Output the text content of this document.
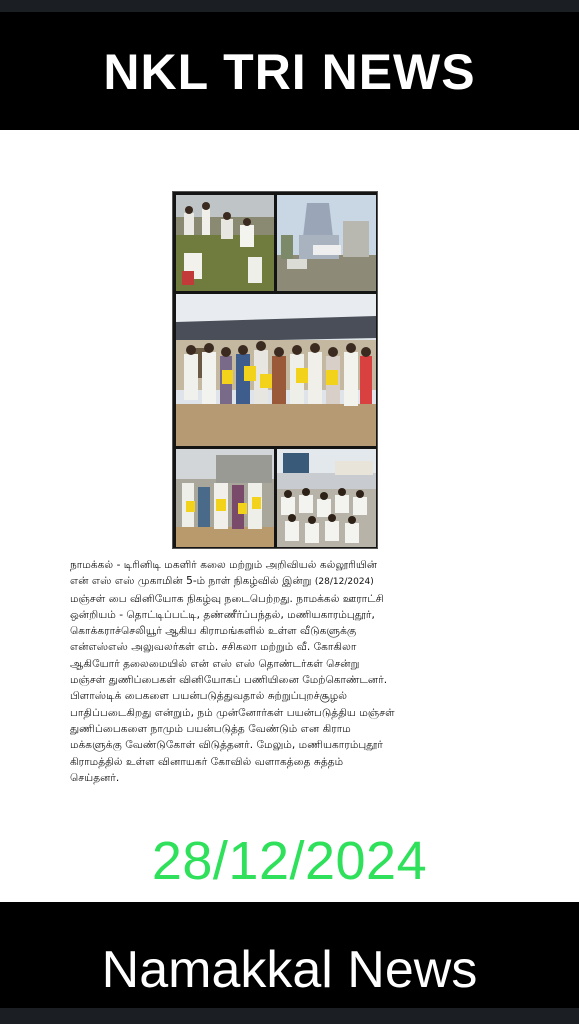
NKL TRI NEWS

நாமக்கல் - டிரினிடி மகளிர் கலை மற்றும் அறிவியல் கல்லூரியின்

என் எஸ் எஸ் முகாமின் 5-ம் நாள் நிகழ்வில் இன்று (28/12/2024)

மஞ்சள் பை வினியோக நிகழ்வு நடைபெற்றது. நாமக்கல் ஊராட்சி

ஒன்றியம் - தொட்டிப்பட்டி, தண்ணீர்ப்பந்தல், மணியகாரம்புதூர்,

கொக்கராச்செலியூர் ஆகிய கிராமங்களில் உள்ள வீடுகளுக்கு

என்எஸ்எஸ் அலுவலர்கள் எம். சசிகலா மற்றும் வீ. கோகிலா

ஆகியோர் தலைமையில் என் எஸ் எஸ் தொண்டர்கள் சென்று

மஞ்சள் துணிப்பைகள் வினியோகப் பணியினை மேற்கொண்டனர்.

பிளாஸ்டிக் பைகளை பயன்படுத்துவதால் சுற்றுப்புறச்சூழல்

பாதிப்படைகிறது என்றும், நம் முன்னோர்கள் பயன்படுத்திய மஞ்சள்

துணிப்பைகளை நாமும் பயன்படுத்த வேண்டும் என கிராம

மக்களுக்கு வேண்டுகோள் விடுத்தனர். மேலும், மணியகாரம்புதூர்

கிராமத்தில் உள்ள வினாயகர் கோவில் வளாகத்தை சுத்தம்

செய்தனர்.

28/12/2024
Namakkal News
